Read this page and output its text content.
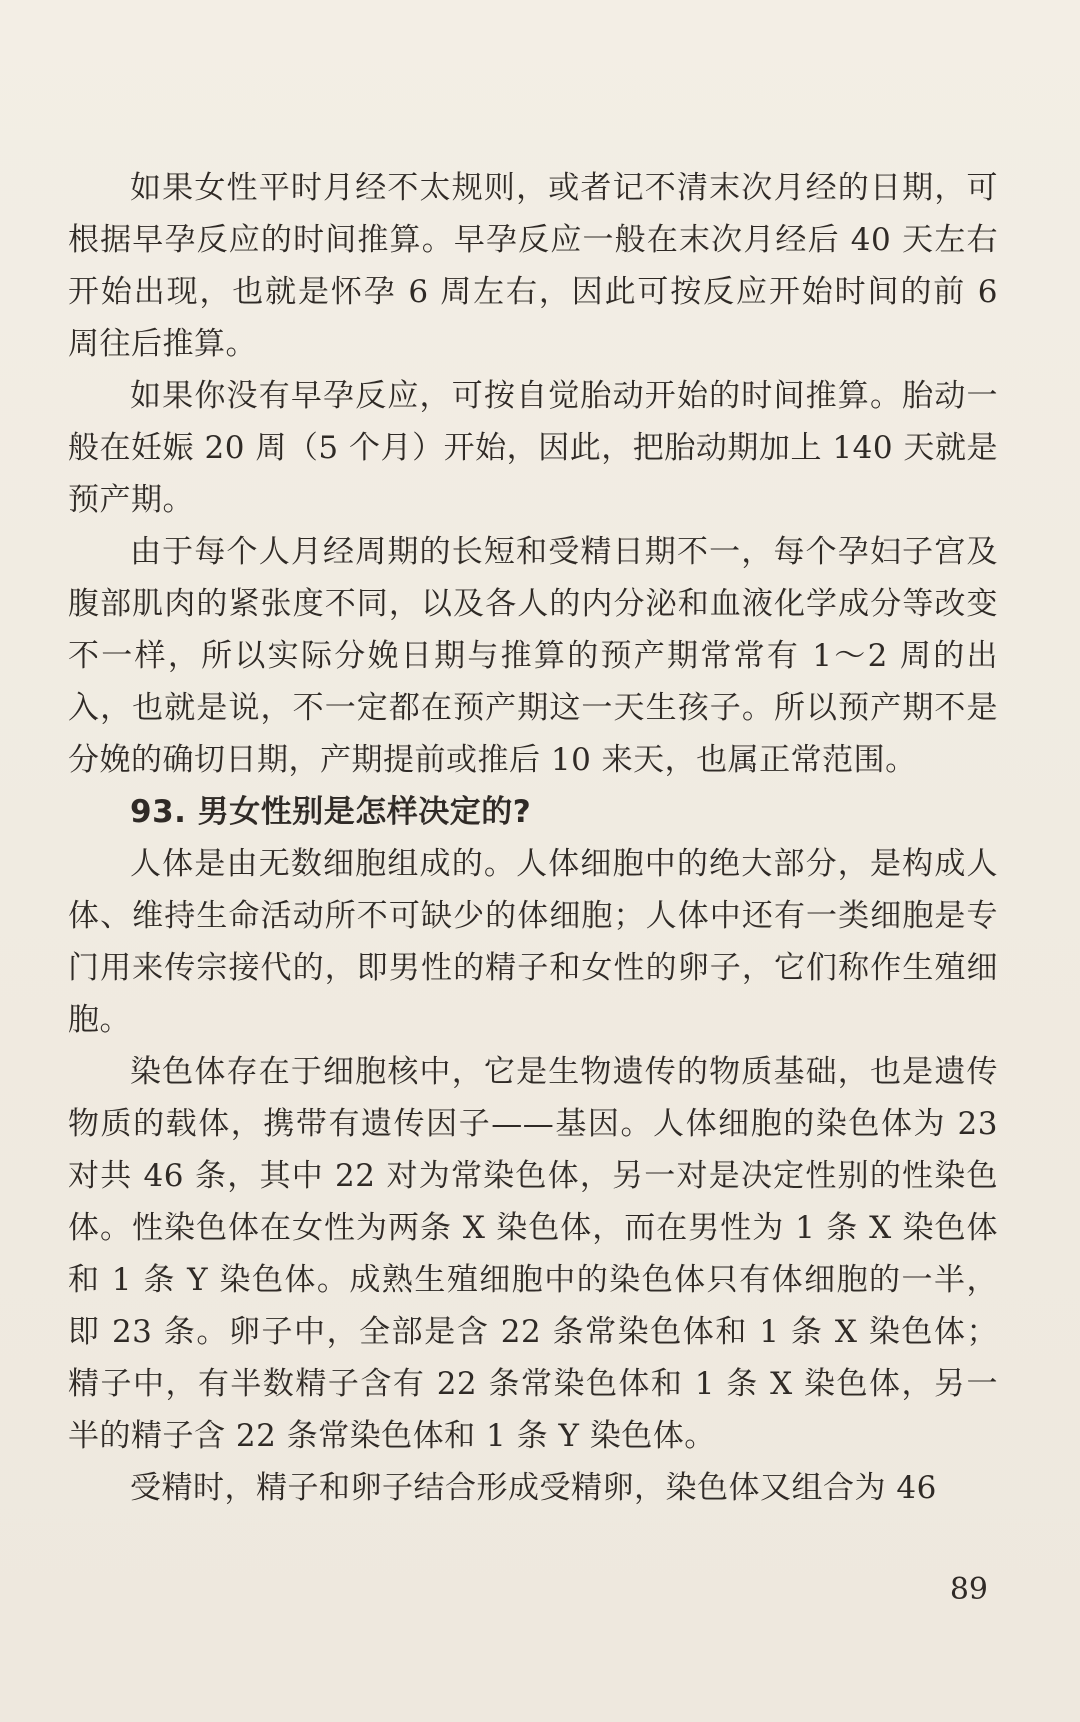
如果女性平时月经不太规则，或者记不清末次月经的日期，可根据早孕反应的时间推算。早孕反应一般在末次月经后 40 天左右开始出现，也就是怀孕 6 周左右，因此可按反应开始时间的前 6 周往后推算。

如果你没有早孕反应，可按自觉胎动开始的时间推算。胎动一般在妊娠 20 周（5 个月）开始，因此，把胎动期加上 140 天就是预产期。

由于每个人月经周期的长短和受精日期不一，每个孕妇子宫及腹部肌肉的紧张度不同，以及各人的内分泌和血液化学成分等改变不一样，所以实际分娩日期与推算的预产期常常有 1～2 周的出入，也就是说，不一定都在预产期这一天生孩子。所以预产期不是分娩的确切日期，产期提前或推后 10 来天，也属正常范围。

93. 男女性别是怎样决定的?

人体是由无数细胞组成的。人体细胞中的绝大部分，是构成人体、维持生命活动所不可缺少的体细胞；人体中还有一类细胞是专门用来传宗接代的，即男性的精子和女性的卵子，它们称作生殖细胞。

染色体存在于细胞核中，它是生物遗传的物质基础，也是遗传物质的载体，携带有遗传因子——基因。人体细胞的染色体为 23 对共 46 条，其中 22 对为常染色体，另一对是决定性别的性染色体。性染色体在女性为两条 X 染色体，而在男性为 1 条 X 染色体和 1 条 Y 染色体。成熟生殖细胞中的染色体只有体细胞的一半，即 23 条。卵子中，全部是含 22 条常染色体和 1 条 X 染色体；精子中，有半数精子含有 22 条常染色体和 1 条 X 染色体，另一半的精子含 22 条常染色体和 1 条 Y 染色体。

受精时，精子和卵子结合形成受精卵，染色体又组合为 46

89
